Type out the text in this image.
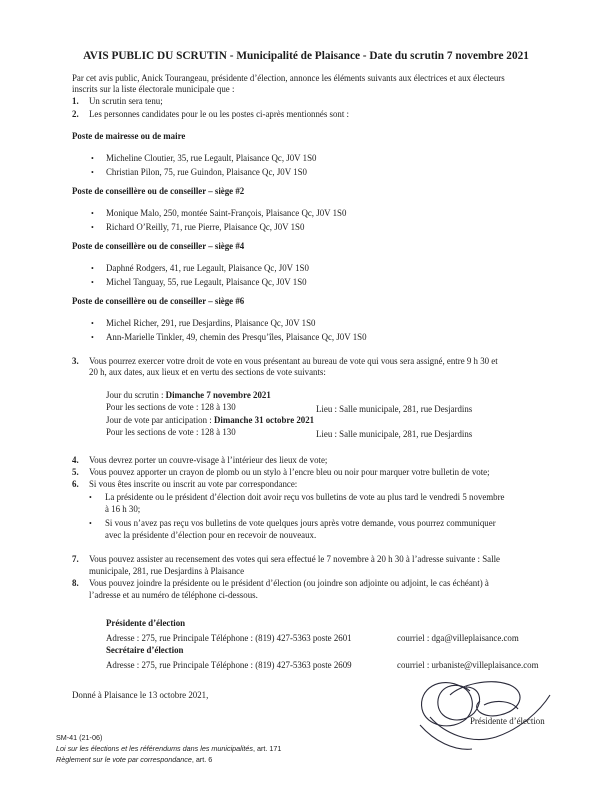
AVIS PUBLIC DU SCRUTIN - Municipalité de Plaisance - Date du scrutin 7 novembre 2021
Par cet avis public, Anick Tourangeau, présidente d’élection, annonce les éléments suivants aux électrices et aux électeurs
inscrits sur la liste électorale municipale que :
1. Un scrutin sera tenu;
2. Les personnes candidates pour le ou les postes ci-après mentionnés sont :
Poste de mairesse ou de maire
• Micheline Cloutier, 35, rue Legault, Plaisance Qc, J0V 1S0
• Christian Pilon, 75, rue Guindon, Plaisance Qc, J0V 1S0
Poste de conseillère ou de conseiller – siège #2
• Monique Malo, 250, montée Saint-François, Plaisance Qc, J0V 1S0
• Richard O’Reilly, 71, rue Pierre, Plaisance Qc, J0V 1S0
Poste de conseillère ou de conseiller – siège #4
• Daphné Rodgers, 41, rue Legault, Plaisance Qc, J0V 1S0
• Michel Tanguay, 55, rue Legault, Plaisance Qc, J0V 1S0
Poste de conseillère ou de conseiller – siège #6
• Michel Richer, 291, rue Desjardins, Plaisance Qc, J0V 1S0
• Ann-Marielle Tinkler, 49, chemin des Presqu’îles, Plaisance Qc, J0V 1S0
3. Vous pourrez exercer votre droit de vote en vous présentant au bureau de vote qui vous sera assigné, entre 9 h 30 et
20 h, aux dates, aux lieux et en vertu des sections de vote suivants:
Jour du scrutin : Dimanche 7 novembre 2021
Pour les sections de vote : 128 à 130	Lieu : Salle municipale, 281, rue Desjardins
Jour de vote par anticipation : Dimanche 31 octobre 2021
Pour les sections de vote : 128 à 130	Lieu : Salle municipale, 281, rue Desjardins
4. Vous devrez porter un couvre-visage à l’intérieur des lieux de vote;
5. Vous pouvez apporter un crayon de plomb ou un stylo à l’encre bleu ou noir pour marquer votre bulletin de vote;
6. Si vous êtes inscrite ou inscrit au vote par correspondance:
• La présidente ou le président d’élection doit avoir reçu vos bulletins de vote au plus tard le vendredi 5 novembre
à 16 h 30;
• Si vous n’avez pas reçu vos bulletins de vote quelques jours après votre demande, vous pourrez communiquer
avec la présidente d’élection pour en recevoir de nouveaux.
7. Vous pouvez assister au recensement des votes qui sera effectué le 7 novembre à 20 h 30 à l’adresse suivante : Salle
municipale, 281, rue Desjardins à Plaisance
8. Vous pouvez joindre la présidente ou le président d’élection (ou joindre son adjointe ou adjoint, le cas échéant) à
l’adresse et au numéro de téléphone ci-dessous.
Présidente d’élection
Adresse : 275, rue Principale Téléphone : (819) 427-5363 poste 2601	courriel : dga@villeplaisance.com
Secrétaire d’élection
Adresse : 275, rue Principale Téléphone : (819) 427-5363 poste 2609	courriel : urbaniste@villeplaisance.com
Donné à Plaisance le 13 octobre 2021,
Présidente d’élection
SM-41 (21-06)
Loi sur les élections et les référendums dans les municipalités, art. 171
Règlement sur le vote par correspondance, art. 6
